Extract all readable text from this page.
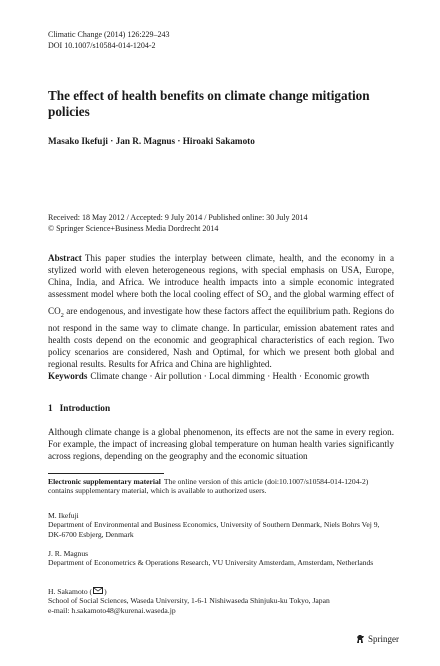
Climatic Change (2014) 126:229–243
DOI 10.1007/s10584-014-1204-2
The effect of health benefits on climate change mitigation policies
Masako Ikefuji · Jan R. Magnus · Hiroaki Sakamoto
Received: 18 May 2012 / Accepted: 9 July 2014 / Published online: 30 July 2014
© Springer Science+Business Media Dordrecht 2014
Abstract This paper studies the interplay between climate, health, and the economy in a stylized world with eleven heterogeneous regions, with special emphasis on USA, Europe, China, India, and Africa. We introduce health impacts into a simple economic integrated assessment model where both the local cooling effect of $SO_2$ and the global warming effect of $CO_2$ are endogenous, and investigate how these factors affect the equilibrium path. Regions do not respond in the same way to climate change. In particular, emission abatement rates and health costs depend on the economic and geographical characteristics of each region. Two policy scenarios are considered, Nash and Optimal, for which we present both global and regional results. Results for Africa and China are highlighted.
Keywords Climate change · Air pollution · Local dimming · Health · Economic growth
1 Introduction
Although climate change is a global phenomenon, its effects are not the same in every region. For example, the impact of increasing global temperature on human health varies significantly across regions, depending on the geography and the economic situation
Electronic supplementary material The online version of this article (doi:10.1007/s10584-014-1204-2) contains supplementary material, which is available to authorized users.
M. Ikefuji
Department of Environmental and Business Economics, University of Southern Denmark, Niels Bohrs Vej 9, DK-6700 Esbjerg, Denmark
J. R. Magnus
Department of Econometrics & Operations Research, VU University Amsterdam, Amsterdam, Netherlands
H. Sakamoto ( )
School of Social Sciences, Waseda University, 1-6-1 Nishiwaseda Shinjuku-ku Tokyo, Japan
e-mail: h.sakamoto48@kurenai.waseda.jp
Springer
